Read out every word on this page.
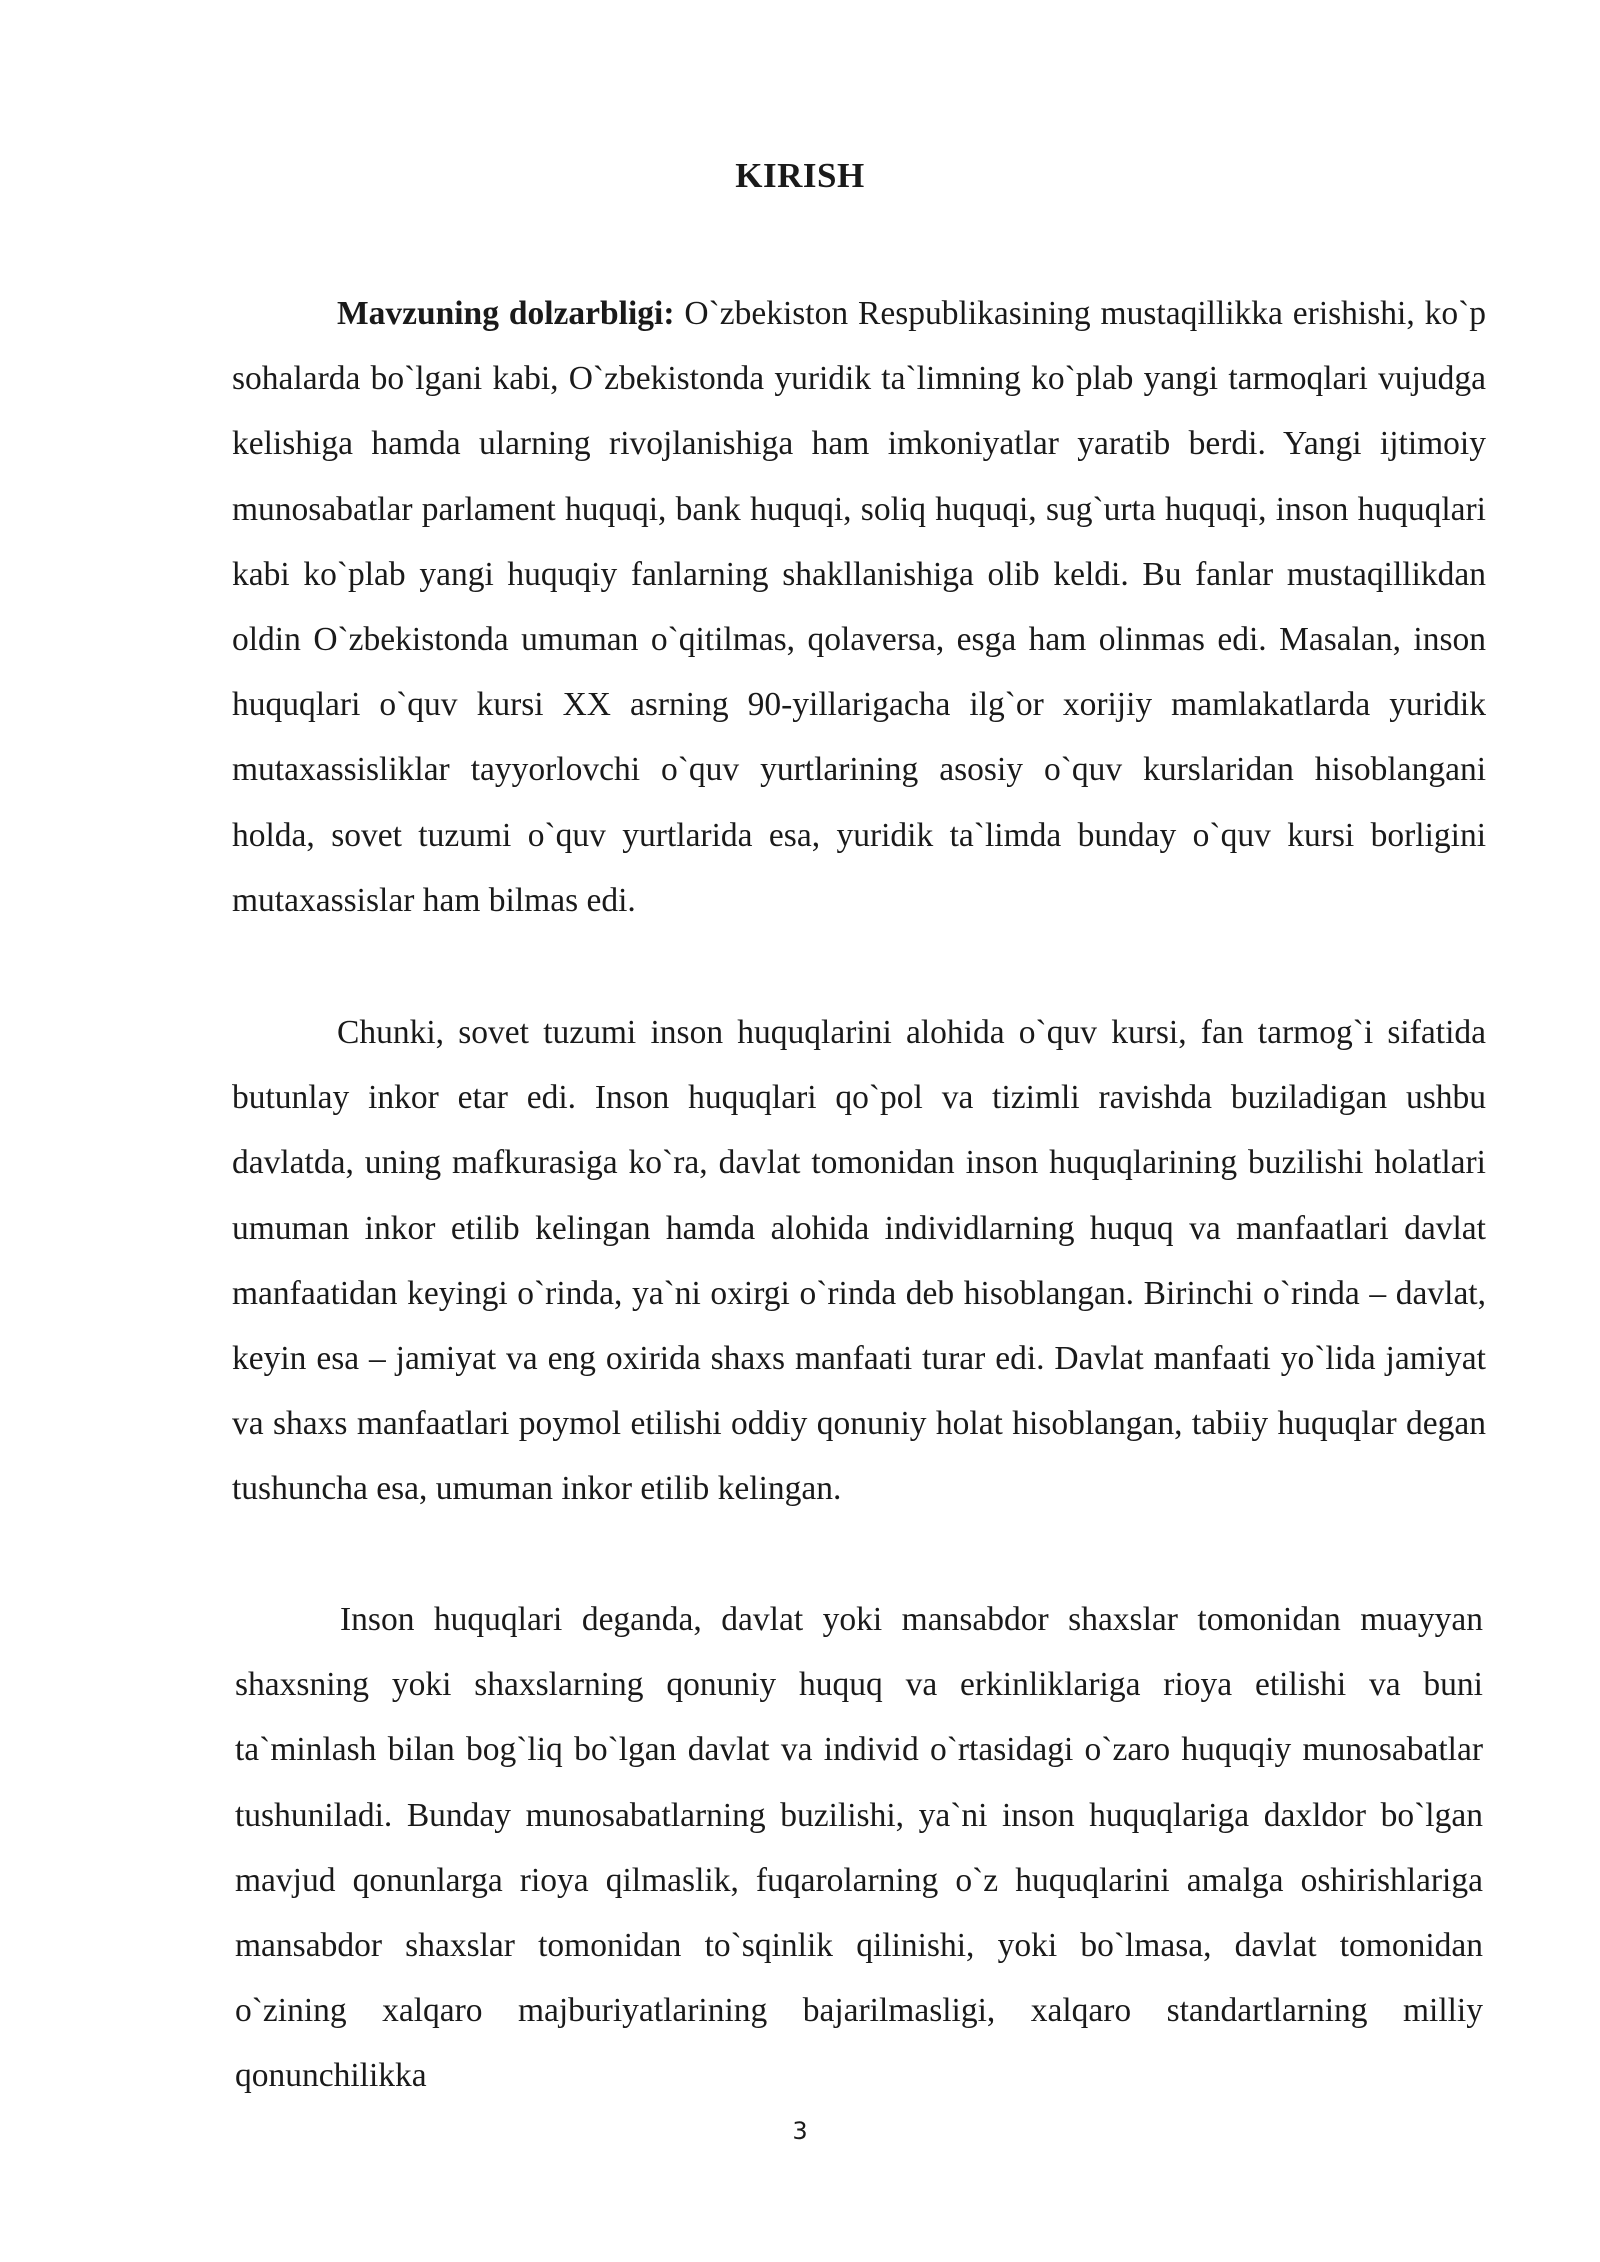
KIRISH

Mavzuning dolzarbligi: O`zbekiston Respublikasining mustaqillikka erishishi, ko`p sohalarda bo`lgani kabi, O`zbekistonda yuridik ta`limning ko`plab yangi tarmoqlari vujudga kelishiga hamda ularning rivojlanishiga ham imkoniyatlar yaratib berdi. Yangi ijtimoiy munosabatlar parlament huquqi, bank huquqi, soliq huquqi, sug`urta huquqi, inson huquqlari kabi ko`plab yangi huquqiy fanlarning shakllanishiga olib keldi. Bu fanlar mustaqillikdan oldin O`zbekistonda umuman o`qitilmas, qolaversa, esga ham olinmas edi. Masalan, inson huquqlari o`quv kursi XX asrning 90-yillarigacha ilg`or xorijiy mamlakatlarda yuridik mutaxassisliklar tayyorlovchi o`quv yurtlarining asosiy o`quv kurslaridan hisoblangani holda, sovet tuzumi o`quv yurtlarida esa, yuridik ta`limda bunday o`quv kursi borligini mutaxassislar ham bilmas edi.

Chunki, sovet tuzumi inson huquqlarini alohida o`quv kursi, fan tarmog`i sifatida butunlay inkor etar edi. Inson huquqlari qo`pol va tizimli ravishda buziladigan ushbu davlatda, uning mafkurasiga ko`ra, davlat tomonidan inson huquqlarining buzilishi holatlari umuman inkor etilib kelingan hamda alohida individlarning huquq va manfaatlari davlat manfaatidan keyingi o`rinda, ya`ni oxirgi o`rinda deb hisoblangan. Birinchi o`rinda – davlat, keyin esa – jamiyat va eng oxirida shaxs manfaati turar edi. Davlat manfaati yo`lida jamiyat va shaxs manfaatlari poymol etilishi oddiy qonuniy holat hisoblangan, tabiiy huquqlar degan tushuncha esa, umuman inkor etilib kelingan.

Inson huquqlari deganda, davlat yoki mansabdor shaxslar tomonidan muayyan shaxsning yoki shaxslarning qonuniy huquq va erkinliklariga rioya etilishi va buni ta`minlash bilan bog`liq bo`lgan davlat va individ o`rtasidagi o`zaro huquqiy munosabatlar tushuniladi. Bunday munosabatlarning buzilishi, ya`ni inson huquqlariga daxldor bo`lgan mavjud qonunlarga rioya qilmaslik, fuqarolarning o`z huquqlarini amalga oshirishlariga mansabdor shaxslar tomonidan to`sqinlik qilinishi, yoki bo`lmasa, davlat tomonidan o`zining xalqaro majburiyatlarining bajarilmasligi, xalqaro standartlarning milliy qonunchilikka

3
